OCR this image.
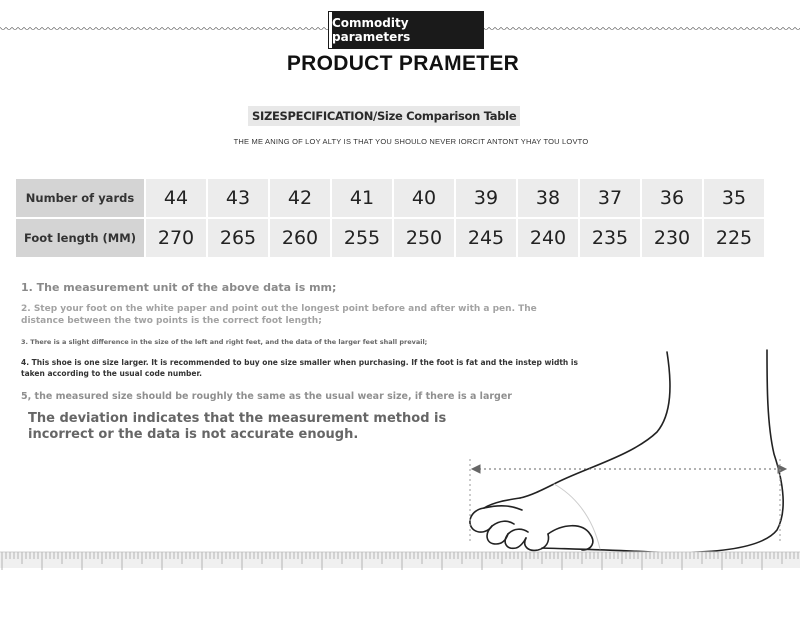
Commodity parameters
PRODUCT PRAMETER
SIZESPECIFICATION/Size Comparison Table
THE ME ANING OF LOY ALTY IS THAT YOU SHOULO NEVER IORCIT ANTONT YHAY TOU LOVTO
Number of yards	44	43	42	41	40	39	38	37	36	35
Foot length (MM)	270	265	260	255	250	245	240	235	230	225
1. The measurement unit of the above data is mm;
2. Step your foot on the white paper and point out the longest point before and after with a pen. The distance between the two points is the correct foot length;
3. There is a slight difference in the size of the left and right feet, and the data of the larger feet shall prevail;
4. This shoe is one size larger. It is recommended to buy one size smaller when purchasing. If the foot is fat and the instep width is taken according to the usual code number.
5, the measured size should be roughly the same as the usual wear size, if there is a larger
The deviation indicates that the measurement method is incorrect or the data is not accurate enough.
